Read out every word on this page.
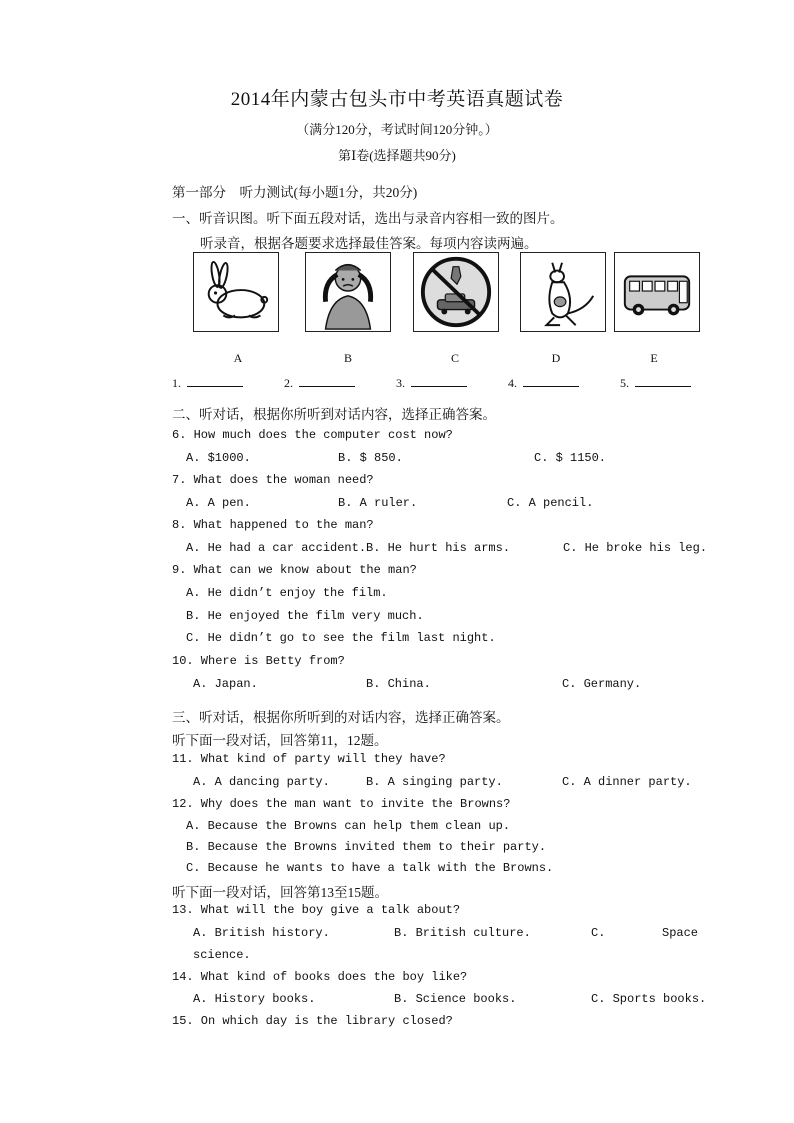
2014年内蒙古包头市中考英语真题试卷
（满分120分，考试时间120分钟。）
第Ⅰ卷(选择题共90分)
第一部分　听力测试(每小题1分，共20分)
一、听音识图。听下面五段对话，选出与录音内容相一致的图片。
听录音，根据各题要求选择最佳答案。每项内容读两遍。
A	B	C	D	E
1.	2.	3.	4.	5.
二、听对话，根据你所听到对话内容，选择正确答案。
6. How much does the computer cost now?
A. $1000.	B. $ 850.	C. $ 1150.
7. What does the woman need?
A. A pen.	B. A ruler.	C. A pencil.
8. What happened to the man?
A. He had a car accident. B. He hurt his arms.	C. He broke his leg.
9. What can we know about the man?
A. He didn’t enjoy the film.
B. He enjoyed the film very much.
C. He didn’t go to see the film last night.
10. Where is Betty from?
A. Japan.	B. China.	C. Germany.
三、听对话，根据你所听到的对话内容，选择正确答案。
听下面一段对话，回答第11，12题。
11. What kind of party will they have?
A. A dancing party.	B. A singing party.	C. A dinner party.
12. Why does the man want to invite the Browns?
A. Because the Browns can help them clean up.
B. Because the Browns invited them to their party.
C. Because he wants to have a talk with the Browns.
听下面一段对话，回答第13至15题。
13. What will the boy give a talk about?
A. British history.	B. British culture.	C.	Space
science.
14. What kind of books does the boy like?
A. History books.	B. Science books.	C. Sports books.
15. On which day is the library closed?
